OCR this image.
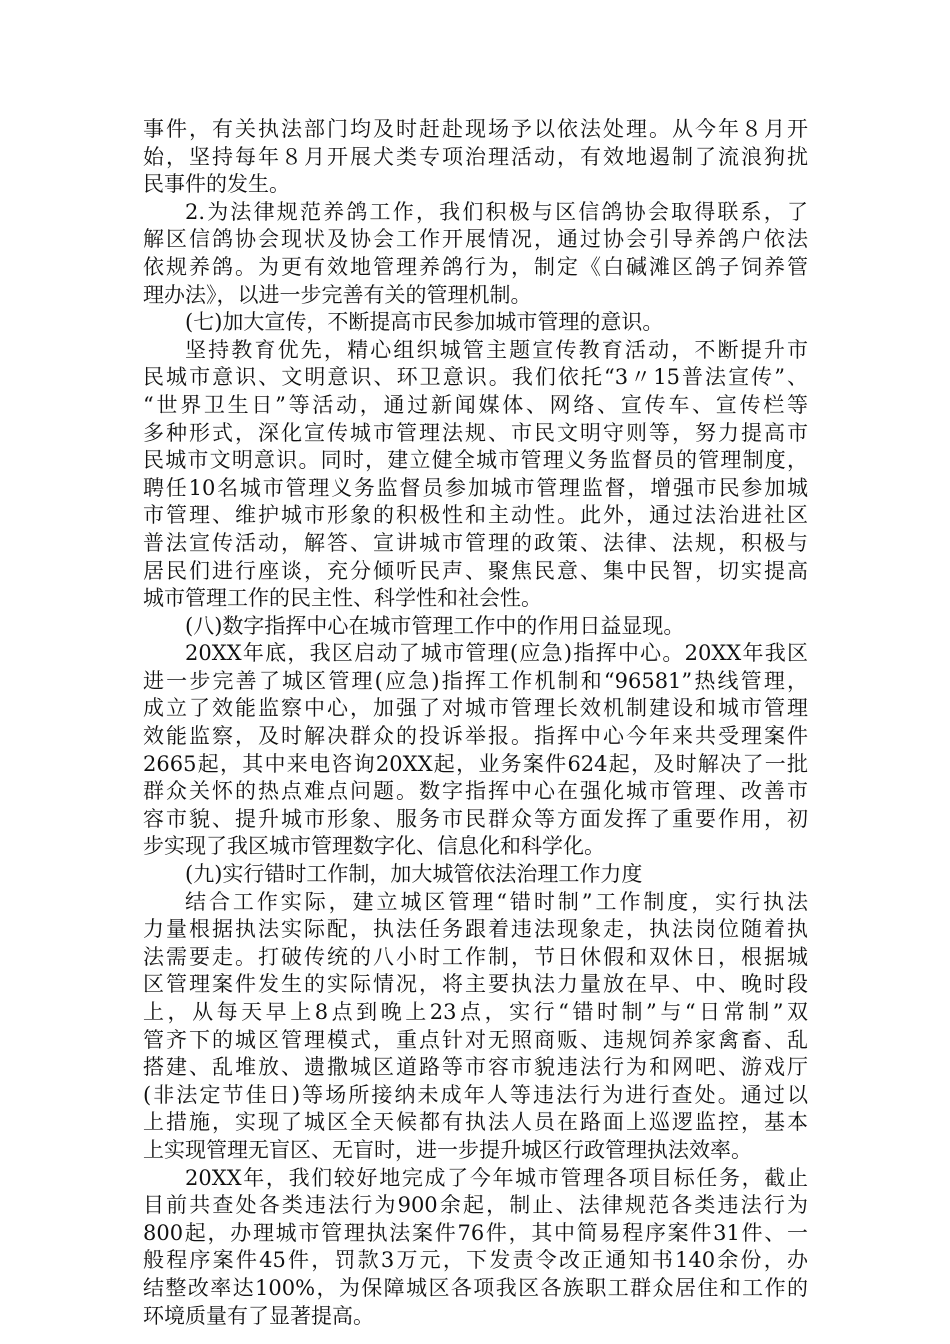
事件，有关执法部门均及时赶赴现场予以依法处理。从今年８月开
始，坚持每年８月开展犬类专项治理活动，有效地遏制了流浪狗扰
民事件的发生。
2.为法律规范养鸽工作，我们积极与区信鸽协会取得联系，了
解区信鸽协会现状及协会工作开展情况，通过协会引导养鸽户依法
依规养鸽。为更有效地管理养鸽行为，制定《白碱滩区鸽子饲养管
理办法》，以进一步完善有关的管理机制。
(七)加大宣传，不断提高市民参加城市管理的意识。
坚持教育优先，精心组织城管主题宣传教育活动，不断提升市
民城市意识、文明意识、环卫意识。我们依托“3〃15普法宣传”、
“世界卫生日”等活动，通过新闻媒体、网络、宣传车、宣传栏等
多种形式，深化宣传城市管理法规、市民文明守则等，努力提高市
民城市文明意识。同时，建立健全城市管理义务监督员的管理制度，
聘任10名城市管理义务监督员参加城市管理监督，增强市民参加城
市管理、维护城市形象的积极性和主动性。此外，通过法治进社区
普法宣传活动，解答、宣讲城市管理的政策、法律、法规，积极与
居民们进行座谈，充分倾听民声、聚焦民意、集中民智，切实提高
城市管理工作的民主性、科学性和社会性。
(八)数字指挥中心在城市管理工作中的作用日益显现。
20XX年底，我区启动了城市管理(应急)指挥中心。20XX年我区
进一步完善了城区管理(应急)指挥工作机制和“96581”热线管理，
成立了效能监察中心，加强了对城市管理长效机制建设和城市管理
效能监察，及时解决群众的投诉举报。指挥中心今年来共受理案件
2665起，其中来电咨询20XX起，业务案件624起，及时解决了一批
群众关怀的热点难点问题。数字指挥中心在强化城市管理、改善市
容市貌、提升城市形象、服务市民群众等方面发挥了重要作用，初
步实现了我区城市管理数字化、信息化和科学化。
(九)实行错时工作制，加大城管依法治理工作力度
结合工作实际，建立城区管理“错时制”工作制度，实行执法
力量根据执法实际配，执法任务跟着违法现象走，执法岗位随着执
法需要走。打破传统的八小时工作制，节日休假和双休日，根据城
区管理案件发生的实际情况，将主要执法力量放在早、中、晚时段
上，从每天早上8点到晚上23点，实行“错时制”与“日常制”双
管齐下的城区管理模式，重点针对无照商贩、违规饲养家禽畜、乱
搭建、乱堆放、遗撒城区道路等市容市貌违法行为和网吧、游戏厅
(非法定节佳日)等场所接纳未成年人等违法行为进行查处。通过以
上措施，实现了城区全天候都有执法人员在路面上巡逻监控，基本
上实现管理无盲区、无盲时，进一步提升城区行政管理执法效率。
20XX年，我们较好地完成了今年城市管理各项目标任务，截止
目前共查处各类违法行为900余起，制止、法律规范各类违法行为
800起，办理城市管理执法案件76件，其中简易程序案件31件、一
般程序案件45件，罚款3万元，下发责令改正通知书140余份，办
结整改率达100%，为保障城区各项我区各族职工群众居住和工作的
环境质量有了显著提高。
